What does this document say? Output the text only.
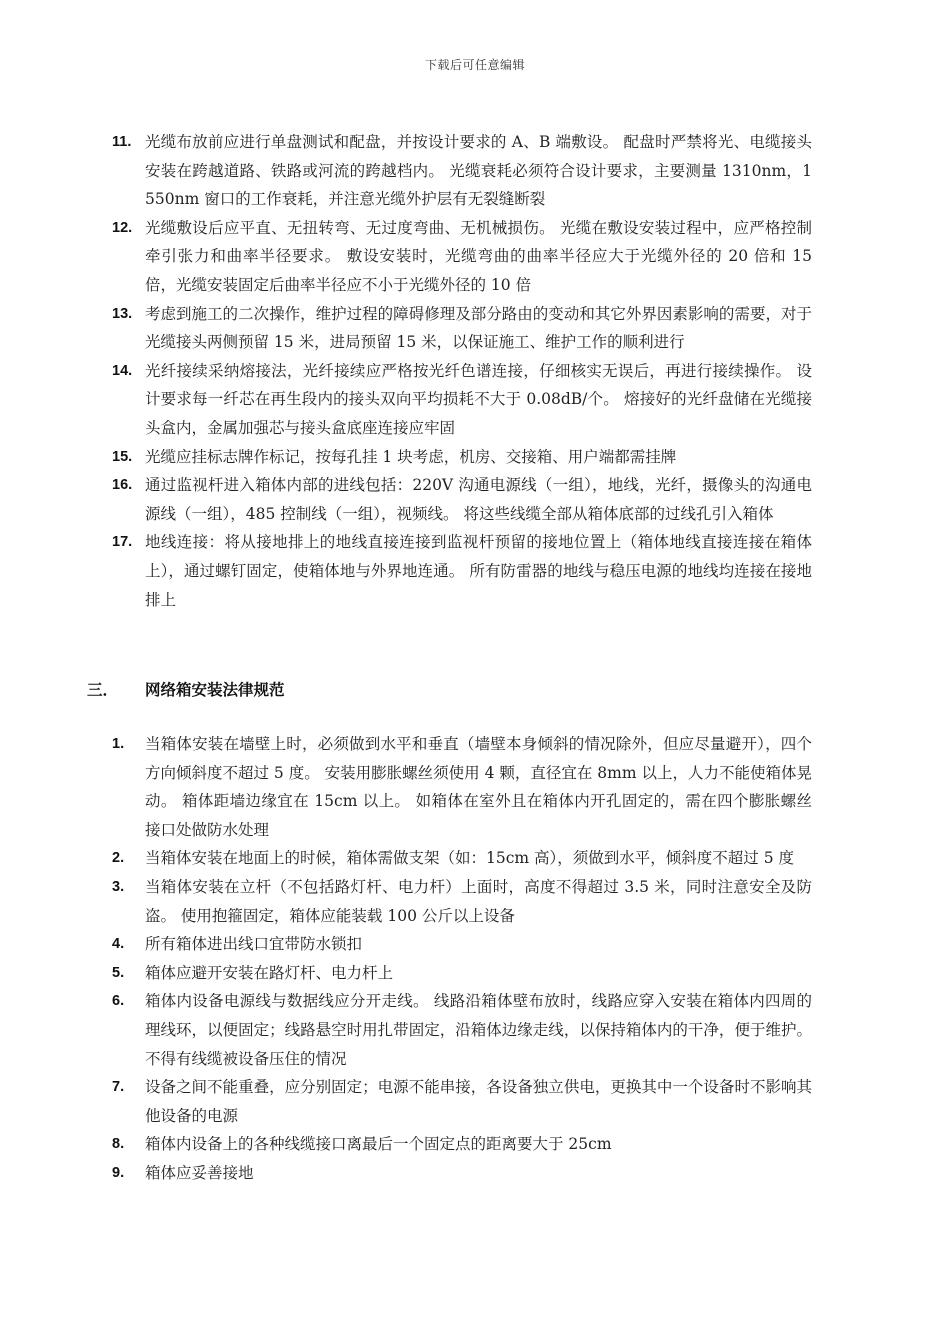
下载后可任意编辑
11. 光缆布放前应进行单盘测试和配盘，并按设计要求的 A、B 端敷设。 配盘时严禁将光、电缆接头安装在跨越道路、铁路或河流的跨越档内。 光缆衰耗必须符合设计要求，主要测量 1310nm，1550nm 窗口的工作衰耗，并注意光缆外护层有无裂缝断裂
12. 光缆敷设后应平直、无扭转弯、无过度弯曲、无机械损伤。 光缆在敷设安装过程中，应严格控制牵引张力和曲率半径要求。 敷设安装时，光缆弯曲的曲率半径应大于光缆外径的 20 倍和 15 倍，光缆安装固定后曲率半径应不小于光缆外径的 10 倍
13. 考虑到施工的二次操作，维护过程的障碍修理及部分路由的变动和其它外界因素影响的需要，对于光缆接头两侧预留 15 米，进局预留 15 米，以保证施工、维护工作的顺利进行
14. 光纤接续采纳熔接法，光纤接续应严格按光纤色谱连接，仔细核实无误后，再进行接续操作。 设计要求每一纤芯在再生段内的接头双向平均损耗不大于 0.08dB/个。 熔接好的光纤盘储在光缆接头盒内，金属加强芯与接头盒底座连接应牢固
15. 光缆应挂标志牌作标记，按每孔挂 1 块考虑，机房、交接箱、用户端都需挂牌
16. 通过监视杆进入箱体内部的进线包括：220V 沟通电源线（一组），地线，光纤，摄像头的沟通电源线（一组），485 控制线（一组），视频线。 将这些线缆全部从箱体底部的过线孔引入箱体
17. 地线连接：将从接地排上的地线直接连接到监视杆预留的接地位置上（箱体地线直接连接在箱体上），通过螺钉固定，使箱体地与外界地连通。 所有防雷器的地线与稳压电源的地线均连接在接地排上
三．	网络箱安装法律规范
1.	当箱体安装在墙壁上时，必须做到水平和垂直（墙壁本身倾斜的情况除外，但应尽量避开），四个方向倾斜度不超过 5 度。 安装用膨胀螺丝须使用 4 颗，直径宜在 8mm 以上，人力不能使箱体晃动。 箱体距墙边缘宜在 15cm 以上。 如箱体在室外且在箱体内开孔固定的，需在四个膨胀螺丝接口处做防水处理
2.	当箱体安装在地面上的时候，箱体需做支架（如：15cm 高），须做到水平，倾斜度不超过 5 度
3.	当箱体安装在立杆（不包括路灯杆、电力杆）上面时，高度不得超过 3.5 米，同时注意安全及防盗。 使用抱箍固定，箱体应能装载 100 公斤以上设备
4.	所有箱体进出线口宜带防水锁扣
5.	箱体应避开安装在路灯杆、电力杆上
6.	箱体内设备电源线与数据线应分开走线。 线路沿箱体壁布放时，线路应穿入安装在箱体内四周的理线环，以便固定；线路悬空时用扎带固定，沿箱体边缘走线，以保持箱体内的干净，便于维护。 不得有线缆被设备压住的情况
7.	设备之间不能重叠，应分别固定；电源不能串接，各设备独立供电，更换其中一个设备时不影响其他设备的电源
8.	箱体内设备上的各种线缆接口离最后一个固定点的距离要大于 25cm
9.	箱体应妥善接地
